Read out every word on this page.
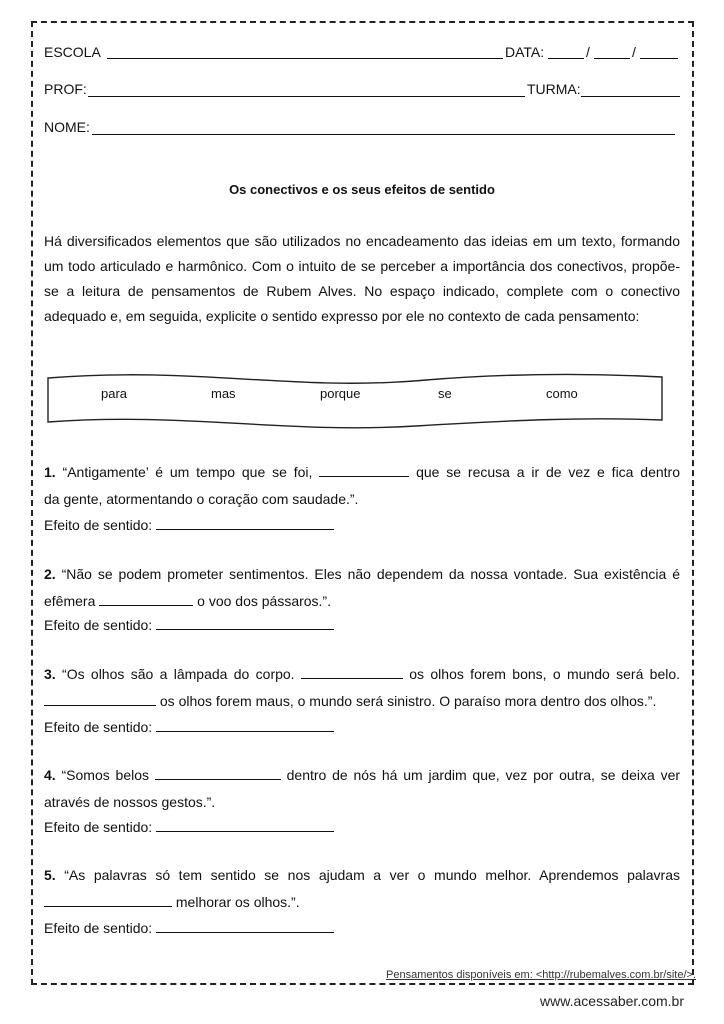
ESCOLA	DATA:	/	/
PROF:	TURMA:
NOME:
Os conectivos e os seus efeitos de sentido
Há diversificados elementos que são utilizados no encadeamento das ideias em um texto, formando um todo articulado e harmônico. Com o intuito de se perceber a importância dos conectivos, propõe-se a leitura de pensamentos de Rubem Alves. No espaço indicado, complete com o conectivo adequado e, em seguida, explicite o sentido expresso por ele no contexto de cada pensamento:
para	mas	porque	se	como
1. “Antigamente’ é um tempo que se foi,	que se recusa a ir de vez e fica dentro
da gente, atormentando o coração com saudade.”.
Efeito de sentido:
2. “Não se podem prometer sentimentos. Eles não dependem da nossa vontade. Sua existência é
efêmera	o voo dos pássaros.”.
Efeito de sentido:
3. “Os olhos são a lâmpada do corpo.	os olhos forem bons, o mundo será belo.
os olhos forem maus, o mundo será sinistro. O paraíso mora dentro dos olhos.”.
Efeito de sentido:
4. “Somos belos	dentro de nós há um jardim que, vez por outra, se deixa ver
através de nossos gestos.”.
Efeito de sentido:
5. “As palavras só tem sentido se nos ajudam a ver o mundo melhor. Aprendemos palavras
melhorar os olhos.”.
Efeito de sentido:
Pensamentos disponíveis em: <http://rubemalves.com.br/site/>.
www.acessaber.com.br
